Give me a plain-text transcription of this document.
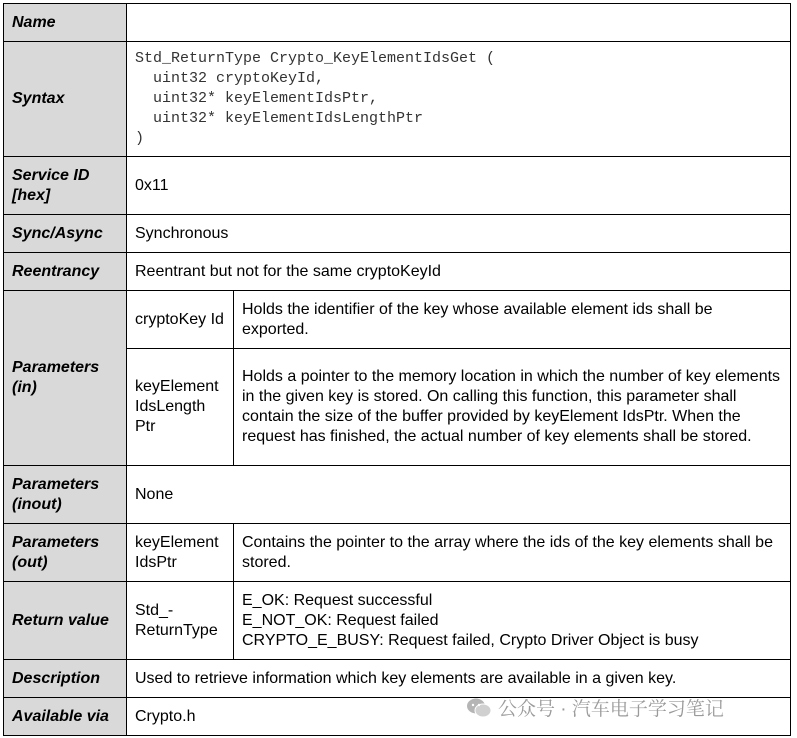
Name		
Syntax	Std_ReturnType Crypto_KeyElementIdsGet (
uint32 cryptoKeyId,
uint32* keyElementIdsPtr,
uint32* keyElementIdsLengthPtr
)	

Service ID [hex]	0x11	
Sync/Async	Synchronous	
Reentrancy	Reentrant but not for the same cryptoKeyId	
Parameters (in)	cryptoKey Id	Holds the identifier of the key whose available element ids shall be exported.
	keyElement IdsLength Ptr	Holds a pointer to the memory location in which the number of key elements in the given key is stored. On calling this function, this parameter shall contain the size of the buffer provided by keyElement IdsPtr. When the request has finished, the actual number of key elements shall be stored.
Parameters (inout)	None	
Parameters (out)	keyElement IdsPtr	Contains the pointer to the array where the ids of the key elements shall be stored.
Return value	Std_- ReturnType	E_OK: Request successful
E_NOT_OK: Request failed
CRYPTO_E_BUSY: Request failed, Crypto Driver Object is busy

Description	Used to retrieve information which key elements are available in a given key.	
Available via	Crypto.h		公众号 · 汽车电子学习笔记
